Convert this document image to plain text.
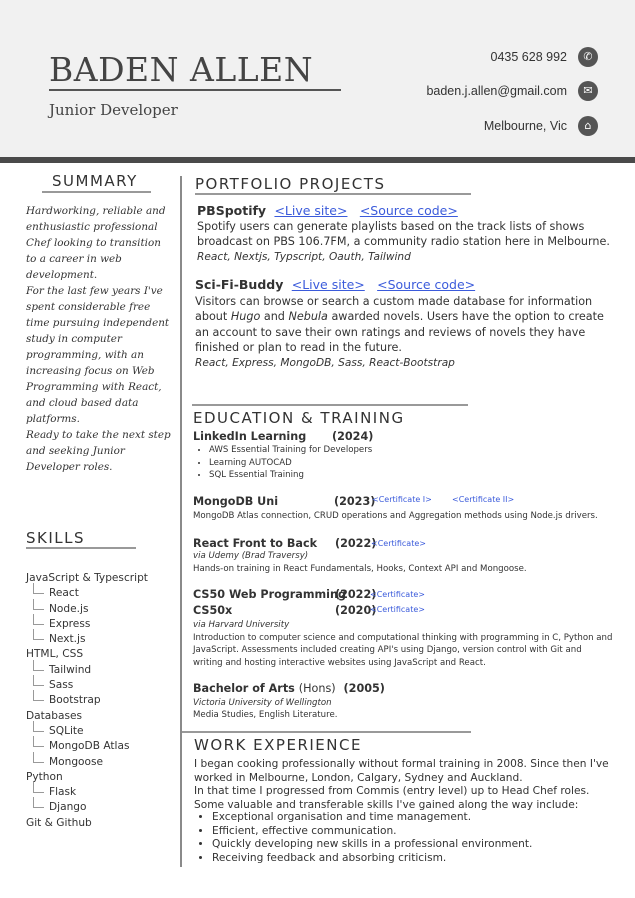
BADEN ALLEN
Junior Developer
0435 628 992	✆
baden.j.allen@gmail.com	✉
Melbourne, Vic	⌂
SUMMARY

Hardworking, reliable and enthusiastic professional Chef looking to transition to a career in web development.

For the last few years I've spent considerable free time pursuing independent study in computer programming, with an increasing focus on Web Programming with React, and cloud based data platforms.

Ready to take the next step and seeking Junior Developer roles.

SKILLS
JavaScript & Typescript
React
Node.js
Express
Next.js
HTML, CSS
Tailwind
Sass
Bootstrap
Databases
SQLite
MongoDB Atlas
Mongoose
Python
Flask
Django
Git & Github
PORTFOLIO PROJECTS
PBSpotify <Live site> <Source code>
Spotify users can generate playlists based on the track lists of shows broadcast on PBS 106.7FM, a community radio station here in Melbourne.
React, Nextjs, Typscript, Oauth, Tailwind
Sci-Fi-Buddy <Live site> <Source code>
Visitors can browse or search a custom made database for information about Hugo and Nebula awarded novels. Users have the option to create an account to save their own ratings and reviews of novels they have finished or plan to read in the future.
React, Express, MongoDB, Sass, React-Bootstrap
EDUCATION & TRAINING
LinkedIn Learning (2024)
• AWS Essential Training for Developers
• Learning AUTOCAD
• SQL Essential Training
MongoDB Uni	(2023)
<Certificate I>	<Certificate II>
MongoDB Atlas connection, CRUD operations and Aggregation methods using Node.js drivers.
React Front to Back (2022)
<Certificate>
via Udemy (Brad Traversy)
Hands-on training in React Fundamentals, Hooks, Context API and Mongoose.
CS50 Web Programming
(2022)
<Certificate>
CS50x	(2020)
<Certificate>
via Harvard University
Introduction to computer science and computational thinking with programming in C, Python and JavaScript. Assessments included creating API's using Django, version control with Git and writing and hosting interactive websites using JavaScript and React.
Bachelor of Arts (Hons) (2005)
Victoria University of Wellington
Media Studies, English Literature.
WORK EXPERIENCE
I began cooking professionally without formal training in 2008. Since then I've worked in Melbourne, London, Calgary, Sydney and Auckland.
In that time I progressed from Commis (entry level) up to Head Chef roles.
Some valuable and transferable skills I've gained along the way include:
• Exceptional organisation and time management.
• Efficient, effective communication.
• Quickly developing new skills in a professional environment.
• Receiving feedback and absorbing criticism.
